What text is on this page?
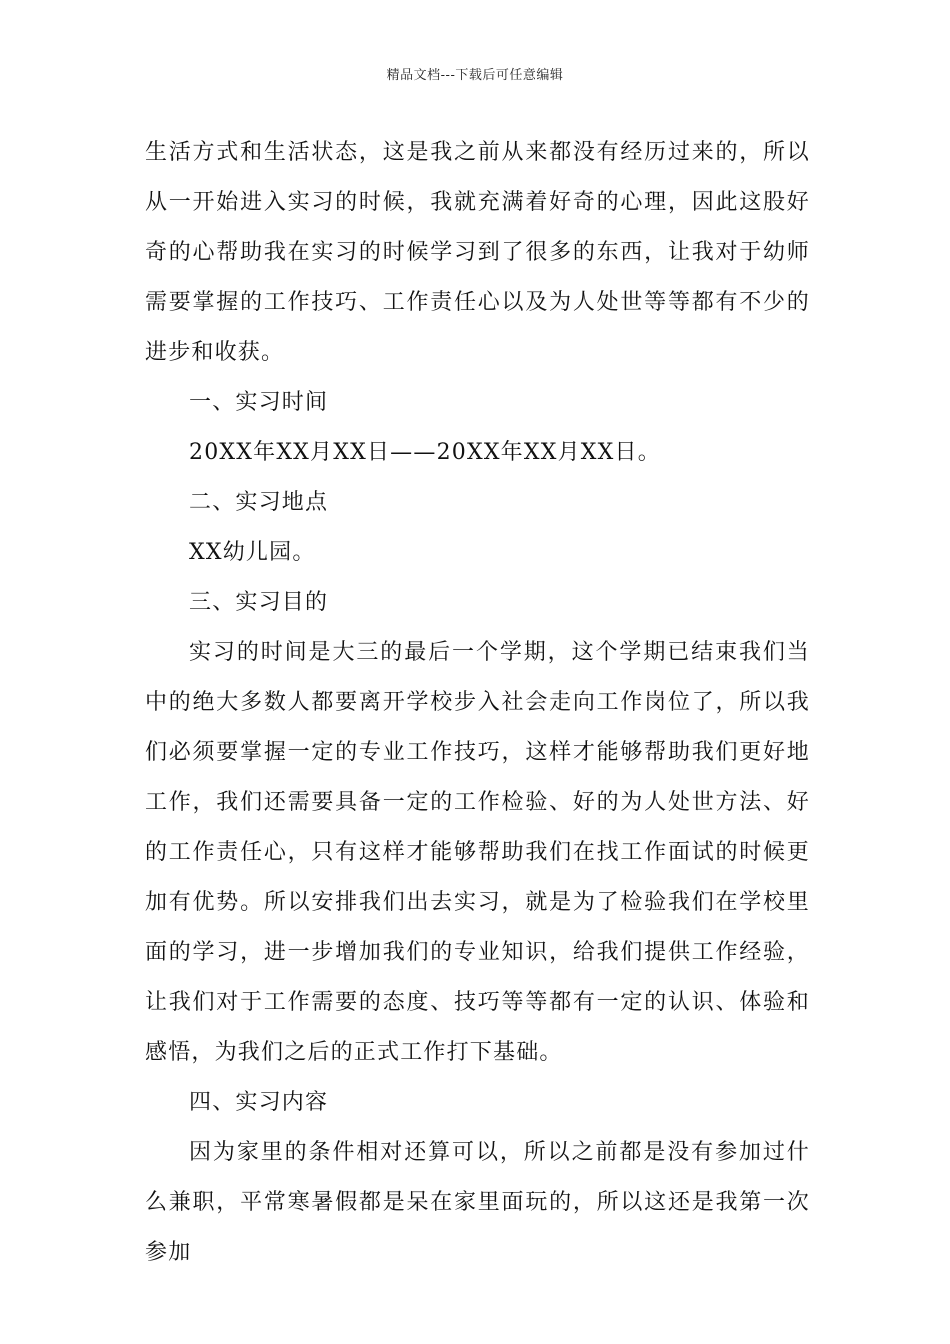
精品文档---下载后可任意编辑

生活方式和生活状态，这是我之前从来都没有经历过来的，所以从一开始进入实习的时候，我就充满着好奇的心理，因此这股好奇的心帮助我在实习的时候学习到了很多的东西，让我对于幼师需要掌握的工作技巧、工作责任心以及为人处世等等都有不少的进步和收获。

一、实习时间

20XX年XX月XX日——20XX年XX月XX日。

二、实习地点

XX幼儿园。

三、实习目的

实习的时间是大三的最后一个学期，这个学期已结束我们当中的绝大多数人都要离开学校步入社会走向工作岗位了，所以我们必须要掌握一定的专业工作技巧，这样才能够帮助我们更好地工作，我们还需要具备一定的工作检验、好的为人处世方法、好的工作责任心，只有这样才能够帮助我们在找工作面试的时候更加有优势。所以安排我们出去实习，就是为了检验我们在学校里面的学习，进一步增加我们的专业知识，给我们提供工作经验，让我们对于工作需要的态度、技巧等等都有一定的认识、体验和感悟，为我们之后的正式工作打下基础。

四、实习内容

因为家里的条件相对还算可以，所以之前都是没有参加过什么兼职，平常寒暑假都是呆在家里面玩的，所以这还是我第一次参加
